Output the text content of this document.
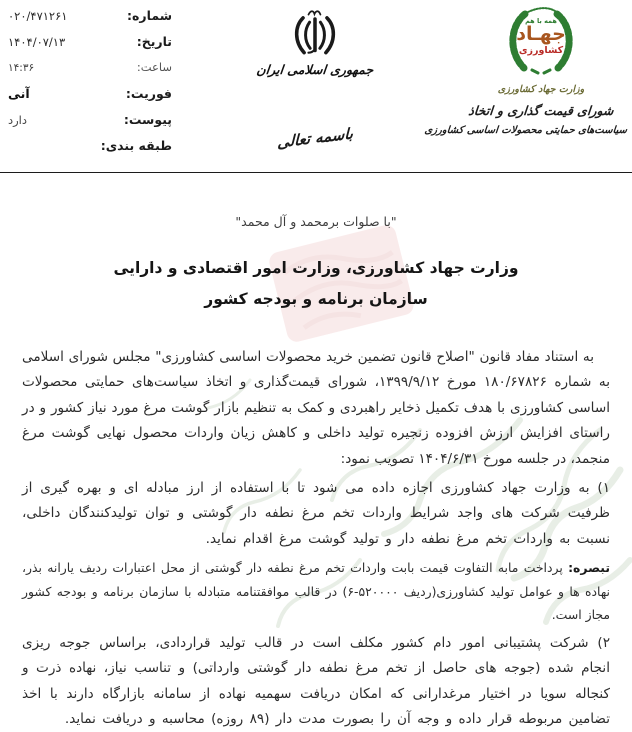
شماره:
۰۲۰/۴۷۱۲۶۱
تاریخ:
۱۴۰۴/۰۷/۱۳
ساعت:
۱۴:۳۶
فوریت:
آنی
پیوست:
دارد
طبقه بندی:
جمهوری اسلامی ایران
باسمه تعالی
همه با هم
جهـاد
کشاورزی
وزارت جهاد کشاورزی
شورای قیمت گذاری و اتخاذ
سیاست‌های حمایتی محصولات اساسی کشاورزی
"با صلوات برمحمد و آل محمد"
وزارت جهاد کشاورزی، وزارت امور اقتصادی و دارایی
سازمان برنامه و بودجه کشور

به استناد مفاد قانون "اصلاح قانون تضمین خرید محصولات اساسی کشاورزی" مجلس شورای اسلامی به شماره ۱۸۰/۶۷۸۲۶ مورخ ۱۳۹۹/۹/۱۲، شورای قیمت‌گذاری و اتخاذ سیاست‌های حمایتی محصولات اساسی کشاورزی با هدف تکمیل ذخایر راهبردی و کمک به تنظیم بازار گوشت مرغ مورد نیاز کشور و در راستای افزایش ارزش افزوده زنجیره تولید داخلی و کاهش زیان واردات محصول نهایی گوشت مرغ منجمد، در جلسه مورخ ۱۴۰۴/۶/۳۱ تصویب نمود:

۱) به وزارت جهاد کشاورزی اجازه داده می شود تا با استفاده از ارز مبادله ای و بهره گیری از ظرفیت شرکت های واجد شرایط واردات تخم مرغ نطفه دار گوشتی و توان تولیدکنندگان داخلی، نسبت به واردات تخم مرغ نطفه دار و تولید گوشت مرغ اقدام نماید.

تبصره: پرداخت مابه التفاوت قیمت بابت واردات تخم مرغ نطفه دار گوشتی از محل اعتبارات ردیف یارانه بذر، نهاده ها و عوامل تولید کشاورزی(ردیف ۵۲۰۰۰۰-۶) در قالب موافقتنامه متبادله با سازمان برنامه و بودجه کشور مجاز است.

۲) شرکت پشتیبانی امور دام کشور مکلف است در قالب تولید قراردادی، براساس جوجه ریزی انجام شده (جوجه های حاصل از تخم مرغ نطفه دار گوشتی وارداتی) و تناسب نیاز، نهاده ذرت و کنجاله سویا در اختیار مرغدارانی که امکان دریافت سهمیه نهاده از سامانه بازارگاه دارند با اخذ تضامین مربوطه قرار داده و وجه آن را بصورت مدت دار (۸۹ روزه) محاسبه و دریافت نماید.
